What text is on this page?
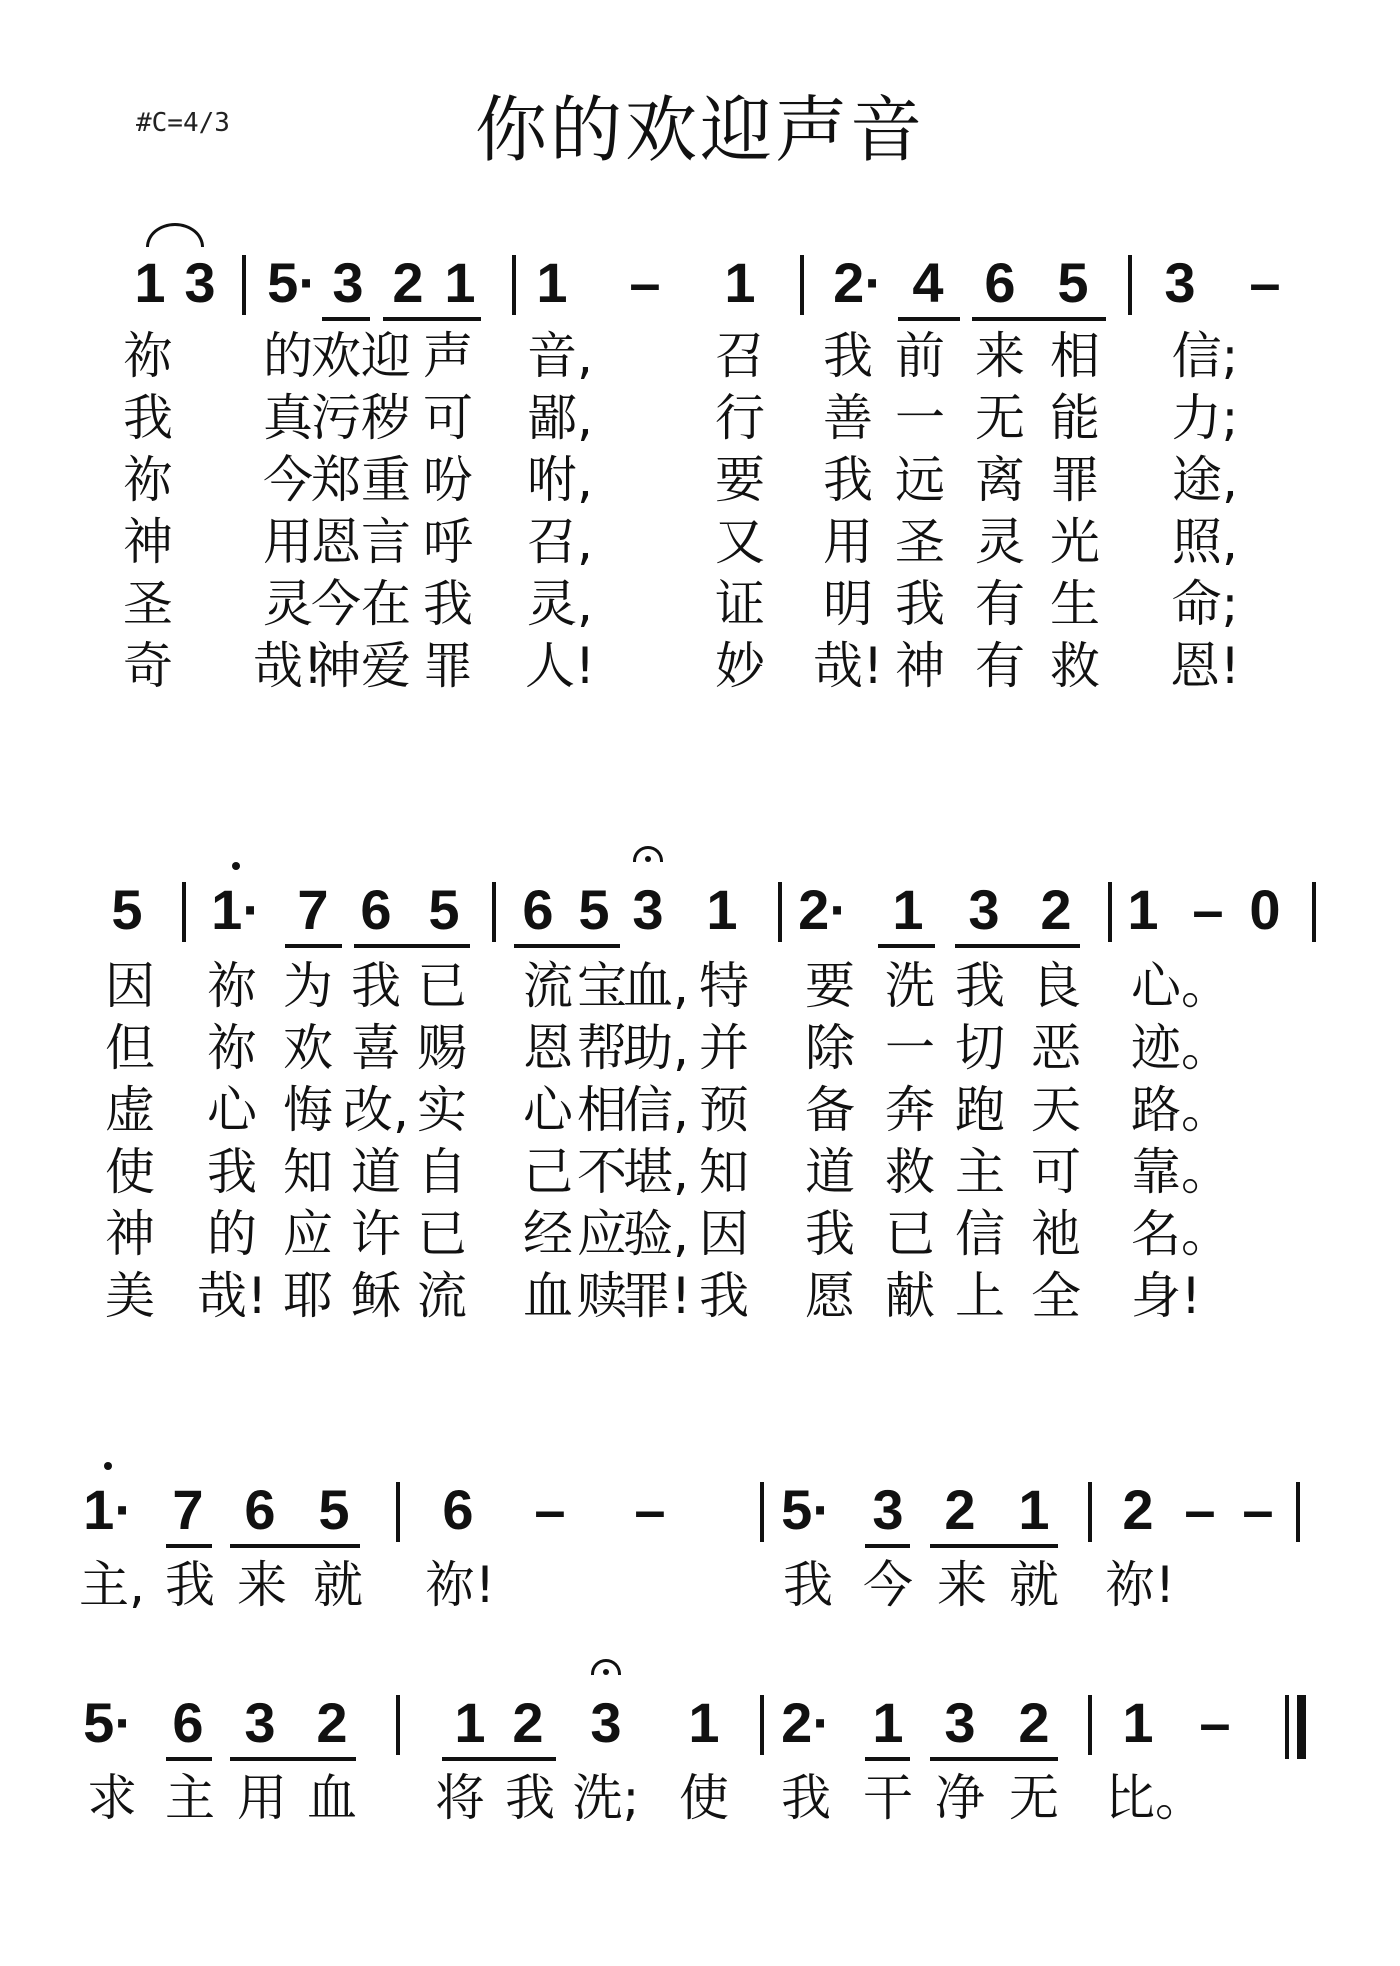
#C=4/3	你的欢迎声音
1 3 5· 3 2 1 1 – 1 2· 4 6 5 3 –
祢 的
欢 迎 声 音, 召 我 前 来 相 信;
我 真
污 秽 可 鄙, 行 善 一 无 能 力;
祢 今
郑 重 吩 咐, 要 我 远 离 罪 途,
神 用
恩 言 呼 召, 又 用 圣 灵 光 照,
圣 灵
今 在 我 灵, 证 明 我 有 生 命;
奇 哉!
神 爱 罪 人! 妙 哉! 神 有 救 恩!
5 1· 7 6 5 6 5 3 1 2· 1 3 2 1 – 0
因 祢 为 我 已 流 宝
血, 特 要 洗 我 良 心。
但 祢 欢 喜 赐 恩 帮
助, 并 除 一 切 恶 迹。
虚 心 悔 改, 实 心 相
信, 预 备 奔 跑 天 路。
使 我 知 道 自 己 不
堪, 知 道 救 主 可 靠。
神 的 应 许 已 经 应
验, 因 我 已 信 祂 名。
美 哉! 耶 稣 流 血 赎
罪! 我 愿 献 上 全 身!
1· 7 6 5 6 – – 5· 3 2 1 2 – –
主, 我 来 就 祢!	我 今 来 就 祢!
5· 6 3 2 1 2 3 1 2· 1 3 2 1 –
求 主 用 血 将 我 洗; 使 我 干 净 无 比。
